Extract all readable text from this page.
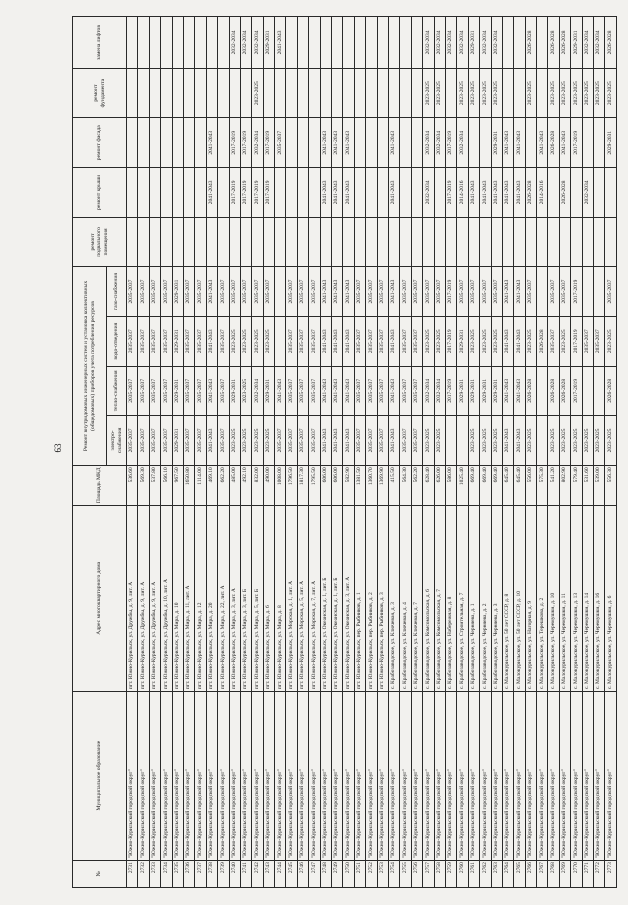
63
№	Муниципальное образование	Адрес многоквартирного дома	Площадь МКД	Ремонт внутридомовых инженерных систем и установка коллективных (общедомовых) приборов учета потребления ресурсов				ремонт подвального помещения	ремонт крыши	ремонт фасада	ремонт фундамента	замена лифтов
				электро-снабжения	тепло-снабжения	водо-отведения	газо-снабжения					
2731	"Южно-Курильский городской округ"	пгт. Южно-Курильск, ул. Дружбы, д. 9, лит. А	536.60	2035-2037	2035-2037	2035-2037	2035-2037					
2732	"Южно-Курильский городской округ"	пгт. Южно-Курильск, ул. Дружбы, д. 9, лит. А	569.30	2035-2037	2035-2037	2035-2037	2035-2037					
2733	"Южно-Курильский городской округ"	пгт. Южно-Курильск, ул. Дружбы, д. 9, лит. А	537.80	2035-2037	2035-2037	2035-2037	2035-2037					
2734	"Южно-Курильский городской округ"	пгт. Южно-Курильск, ул. Дружбы, д. 10, лит. А	566.10	2035-2037	2035-2037	2035-2037	2035-2037					
2735	"Южно-Курильский городской округ"	пгт. Южно-Курильск, ул. Мира, д. 10	967.50	2029-2031	2029-2031	2029-2031	2029-2031					
2736	"Южно-Курильский городской округ"	пгт. Южно-Курильск, ул. Мира, д. 11, лит. А	1650.80	2035-2037	2035-2037	2035-2037	2035-2037					
2737	"Южно-Курильский городской округ"	пгт. Южно-Курильск, ул. Мира, д. 12	1114.00	2035-2037	2035-2037	2035-2037	2035-2037					
2738	"Южно-Курильский городской округ"	пгт. Южно-Курильск, ул. Мира, д. 20	469.10	2041-2043	2041-2043	2041-2043	2041-2043		2041-2043	2041-2043		
2739	"Южно-Курильский городской округ"	пгт. Южно-Курильск, ул. Мира, д. 22, лит. А	662.20	2035-2037	2035-2037	2035-2037	2035-2037					
2740	"Южно-Курильский городской округ"	пгт. Южно-Курильск, ул. Мира, д. 3, лит. А	485.00	2023-2025	2029-2031	2023-2025	2035-2037		2017-2019	2017-2019		2032-2034
2741	"Южно-Курильский городской округ"	пгт. Южно-Курильск, ул. Мира, д. 3, лит. Б	492.10	2023-2025	2023-2025	2023-2025	2035-2037		2017-2019	2017-2019		2032-2034
2742	"Южно-Курильский городской округ"	пгт. Южно-Курильск, ул. Мира, д. 5, лит. Б	832.00	2023-2025	2032-2034	2023-2025	2035-2037		2017-2019	2032-2034	2023-2025	2032-2034
2743	"Южно-Курильский городской округ"	пгт. Южно-Курильск, ул. Мира, д. 6	490.00	2023-2025	2029-2031	2023-2025	2035-2037		2017-2019	2017-2019		2029-2031
2744	"Южно-Курильский городской округ"	пгт. Южно-Курильск, ул. Мира, д. 8	1008.00	2035-2037	2041-2043					2035-2037		2041-2043
2745	"Южно-Курильский городской округ"	пгт. Южно-Курильск, ул. Морская, д. 1, лит. А	1796.50	2035-2037	2035-2037	2035-2037	2035-2037					
2746	"Южно-Курильский городской округ"	пгт. Южно-Курильск, ул. Морская, д. 5, лит. А	1817.30	2035-2037	2035-2037	2035-2037	2035-2037					
2747	"Южно-Курильский городской округ"	пгт. Южно-Курильск, ул. Морская, д. 7, лит. А	1795.50	2035-2037	2035-2037	2035-2037	2035-2037					
2748	"Южно-Курильский городской округ"	пгт. Южно-Курильск, ул. Океанская, д. 1, лит. Б	606.00	2041-2043	2041-2043	2041-2043	2041-2043		2041-2043	2041-2043		
2749	"Южно-Курильский городской округ"	пгт. Южно-Курильск, ул. Океанская, д. 1, лит. Б	606.00	2041-2043	2041-2043	2041-2043	2041-2043		2041-2043	2041-2043		
2750	"Южно-Курильский городской округ"	пгт. Южно-Курильск, ул. Океанская, д. 3, лит. А	582.90	2041-2043	2041-2043	2041-2043	2041-2043		2041-2043	2041-2043		
2751	"Южно-Курильский городской округ"	пгт. Южно-Курильск, пер. Рыбников, д. 1	1381.50	2035-2037	2035-2037	2035-2037	2035-2037					
2752	"Южно-Курильский городской округ"	пгт. Южно-Курильск, пер. Рыбников, д. 2	1360.70	2035-2037	2035-2037	2035-2037	2035-2037					
2753	"Южно-Курильский городской округ"	пгт. Южно-Курильск, пер. Рыбников, д. 3	1369.90	2035-2037	2035-2037	2035-2037	2035-2037					
2754	"Южно-Курильский городской округ"	с. Крабозаводское, ул. Ключевая, д. 3	415.50	2041-2043	2041-2043	2041-2043	2041-2043		2041-2043	2041-2043		
2755	"Южно-Курильский городской округ"	с. Крабозаводское, ул. Ключевая, д. 4	564.30	2035-2037	2035-2037	2035-2037	2035-2037					
2756	"Южно-Курильский городской округ"	с. Крабозаводское, ул. Ключевая, д. 7	562.20	2035-2037	2035-2037	2035-2037	2035-2037					
2757	"Южно-Курильский городской округ"	с. Крабозаводское, ул. Комсомольская, д. 6	628.40	2023-2025	2032-2034	2023-2025	2035-2037		2032-2034	2032-2034	2023-2025	2032-2034
2758	"Южно-Курильский городской округ"	с. Крабозаводское, ул. Комсомольская, д. 7	626.00	2023-2025	2032-2034	2023-2025	2035-2037			2032-2034	2023-2025	2032-2034
2759	"Южно-Курильский городской округ"	с. Крабозаводское, ул. Набережная, д. 8	586.00		2017-2019	2017-2019	2017-2019		2017-2019	2017-2019		2032-2034
2760	"Южно-Курильский городской округ"	с. Крабозаводское, ул. Строительная, д. 7	1025.40		2029-2031	2029-2031	2035-2037		2014-2016	2032-2034	2023-2025	2032-2034
2761	"Южно-Курильский городской округ"	с. Крабозаводское, ул. Черняева, д. 1	669.40	2023-2025	2029-2031	2023-2025	2035-2037		2041-2043		2023-2025	2029-2031
2762	"Южно-Курильский городской округ"	с. Крабозаводское, ул. Черняева, д. 2	669.40	2023-2025	2029-2031	2023-2025	2035-2037		2041-2043		2023-2025	2032-2034
2763	"Южно-Курильский городской округ"	с. Крабозаводское, ул. Черняева, д. 3	669.40	2023-2025	2029-2031	2023-2025	2035-2037		2041-2043	2029-2031	2023-2025	2032-2034
2764	"Южно-Курильский городской округ"	с. Малокурильское, ул. 50 лет СССР, д. 8	645.40	2041-2043	2041-2043	2041-2043	2041-2043		2041-2043	2041-2043		
2765	"Южно-Курильский городской округ"	с. Малокурильское, ул. 50 лет СССР, д. 10	645.40	2041-2043	2041-2043	2041-2043	2041-2043		2041-2043	2041-2043		
2766	"Южно-Курильский городской округ"	с. Малокурильское, ул. Нагорная, д. 9	556.00	2023-2025	2026-2028	2023-2025	2035-2037		2026-2028		2023-2025	2026-2028
2767	"Южно-Курильский городской округ"	с. Малокурильское, ул. Терешкова, д. 2	575.30			2026-2028			2014-2016	2041-2043		
2768	"Южно-Курильский городской округ"	с. Малокурильское, ул. Черемушки, д. 10	541.20	2023-2025	2026-2028	2035-2037	2035-2037			2026-2028	2023-2025	2026-2028
2769	"Южно-Курильский городской округ"	с. Малокурильское, ул. Черемушки, д. 11	802.90	2023-2025	2026-2028	2023-2025	2035-2037		2026-2028	2041-2043	2023-2025	2026-2028
2770	"Южно-Курильский городской округ"	с. Малокурильское, ул. Черемушки, д. 13	579.40	2023-2025	2017-2019	2017-2019	2017-2019			2017-2019	2023-2025	2029-2031
2771	"Южно-Курильский городской округ"	с. Малокурильское, ул. Черемушки, д. 14	531.60	2023-2025		2035-2037			2032-2034		2023-2025	2032-2034
2772	"Южно-Курильский городской округ"	с. Малокурильское, ул. Черемушки, д. 16	539.00	2023-2025		2035-2037					2023-2025	2032-2034
2773	"Южно-Курильский городской округ"	с. Малокурильское, ул. Черемушки, д. 6	556.30	2023-2025	2026-2028	2023-2025	2035-2037			2029-2031	2023-2025	2026-2028
